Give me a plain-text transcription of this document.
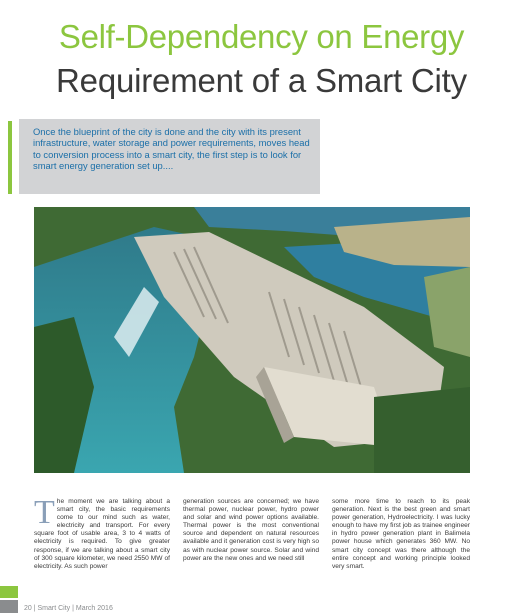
Self-Dependency on Energy
Requirement of a Smart City
Once the blueprint of the city is done and the city with its present infrastructure, water storage and power requirements, moves head to conversion process into a smart city, the first step is to look for smart energy generation set up....
The moment we are talking about a smart city, the basic requirements come to our mind such as water, electricity and transport. For every square foot of usable area, 3 to 4 watts of electricity is required. To give greater response, if we are talking about a smart city of 300 square kilometer, we need 2550 MW of electricity. As such power
generation sources are concerned; we have thermal power, nuclear power, hydro power and solar and wind power options available. Thermal power is the most conventional source and dependent on natural resources available and it generation cost is very high so as with nuclear power source. Solar and wind power are the new ones and we need still
some more time to reach to its peak generation. Next is the best green and smart power generation, Hydroelectricity. I was lucky enough to have my first job as trainee engineer in hydro power generation plant in Balimela power house which generates 360 MW. No smart city concept was there although the entire concept and working principle looked very smart.
20 | Smart City | March 2016
